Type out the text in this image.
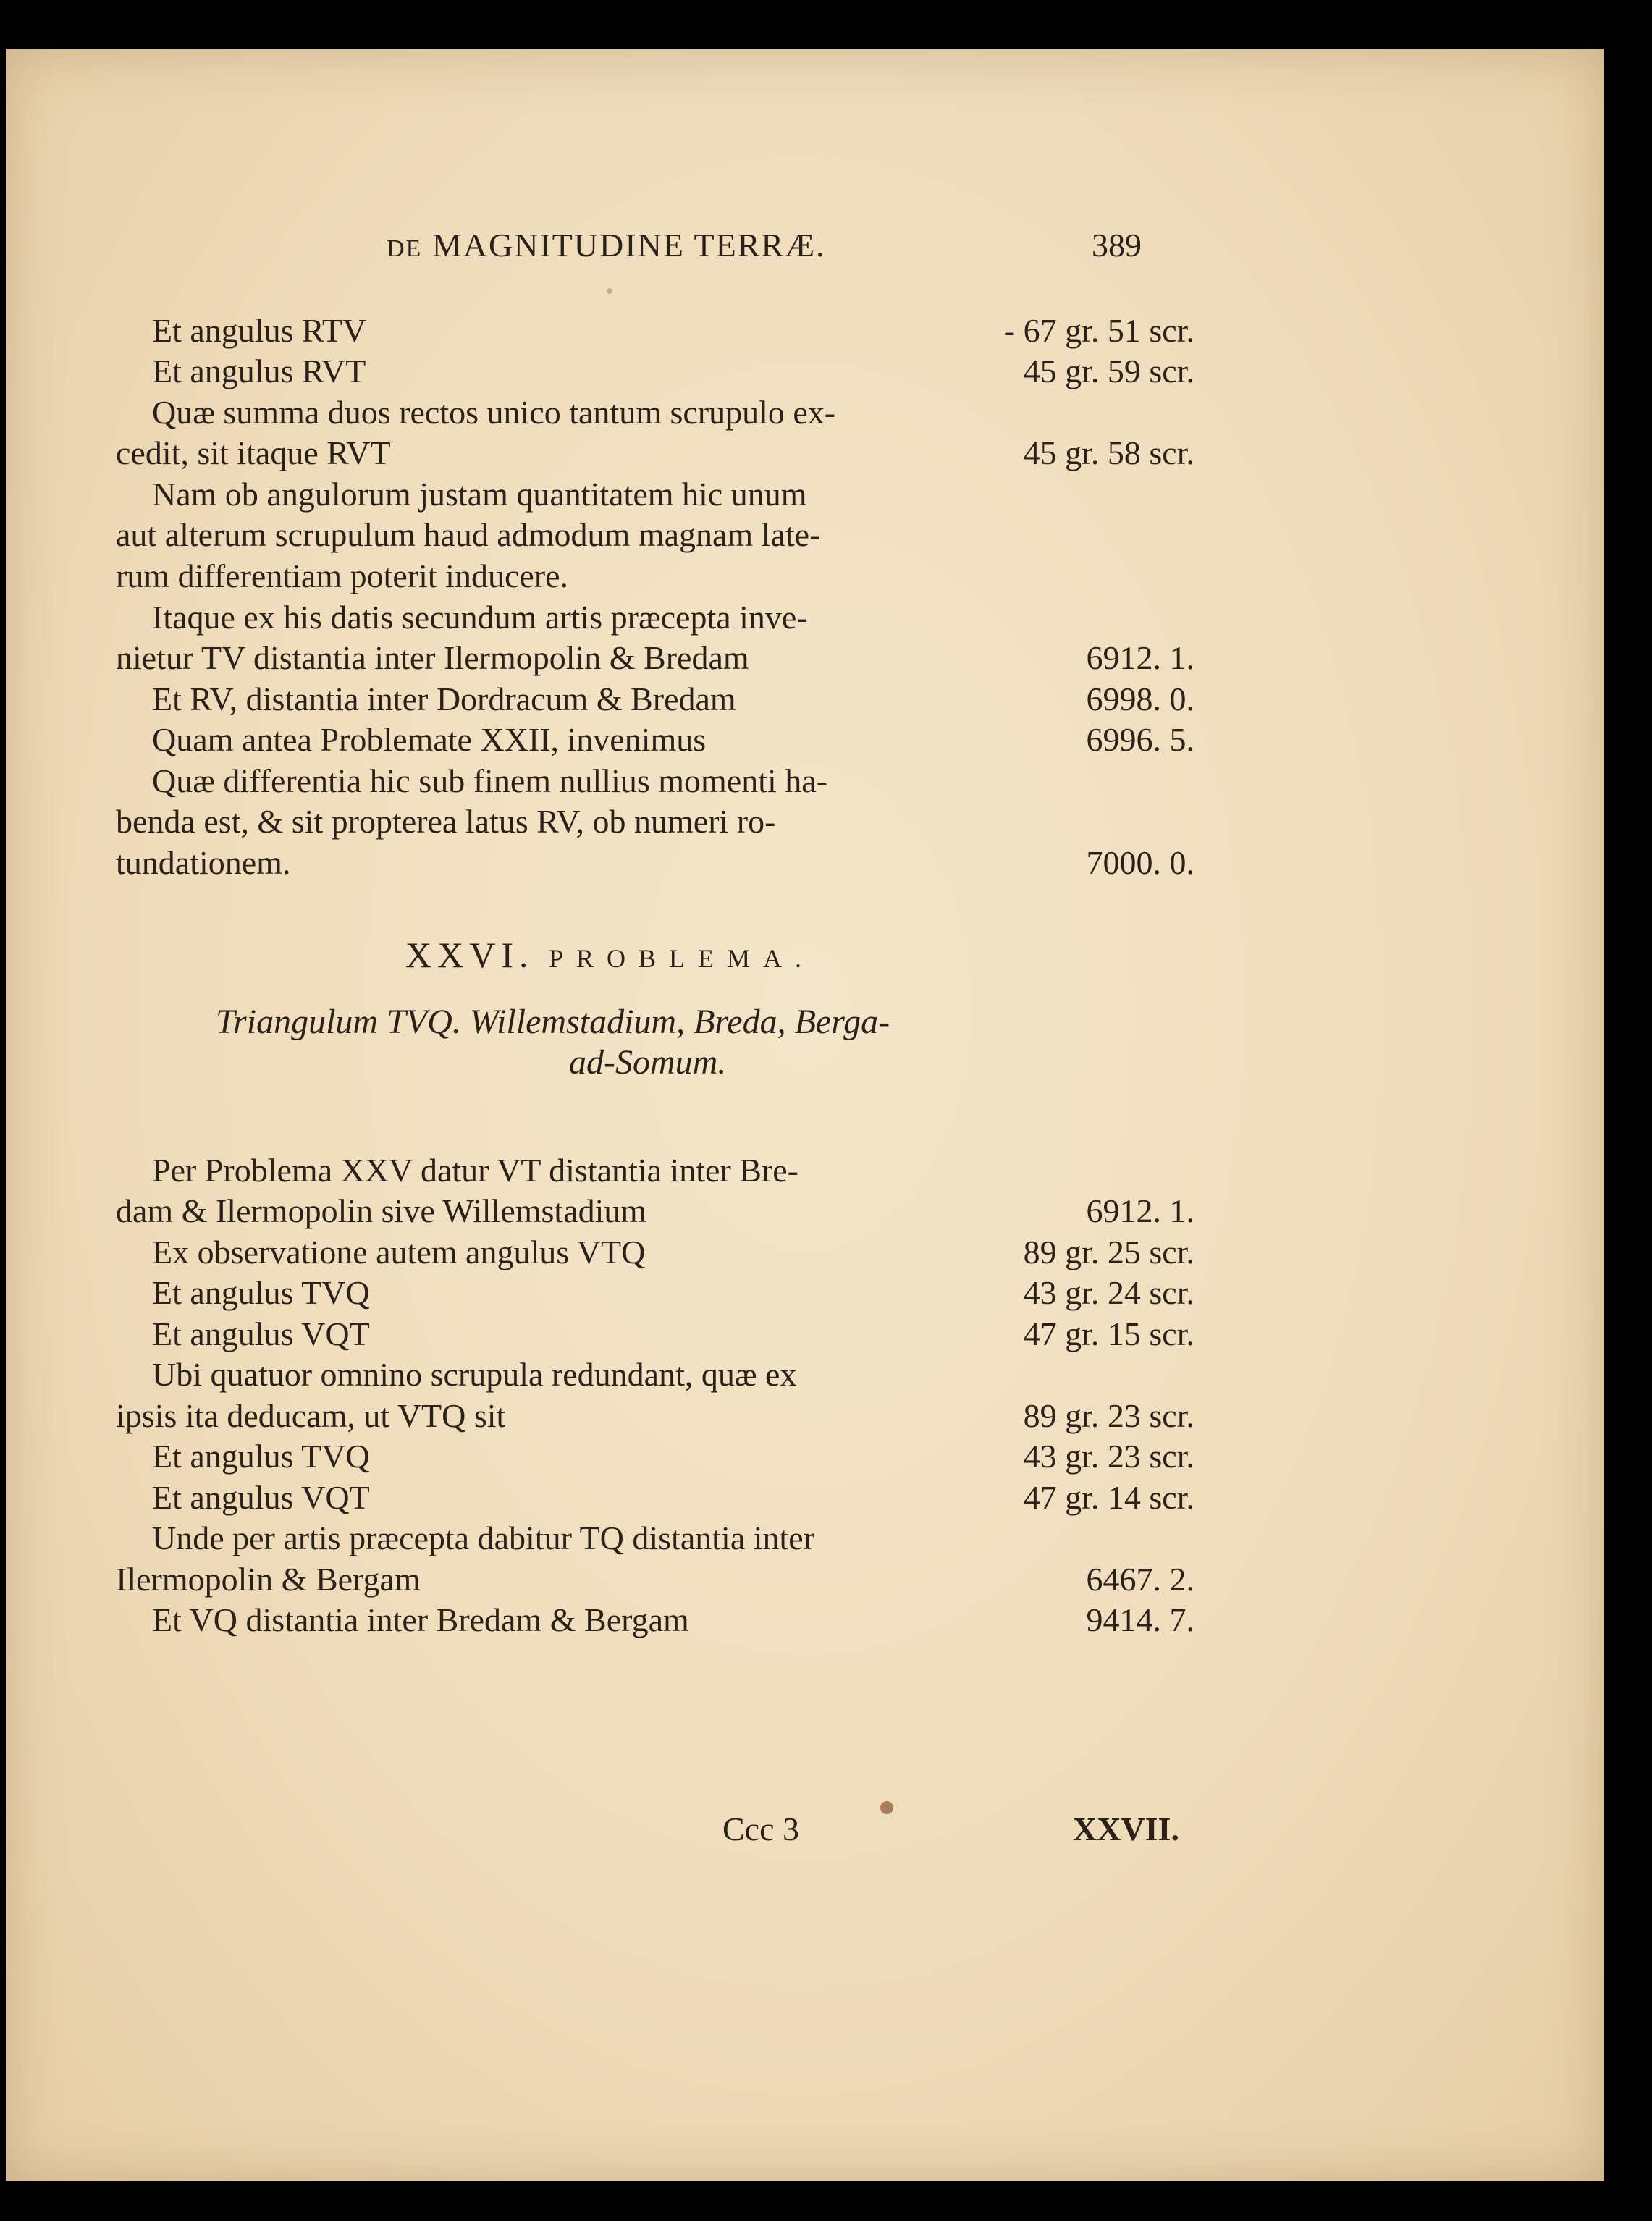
DE MAGNITUDINE TERRÆ.	389
Et angulus RTV	- 67 gr. 51 scr.
Et angulus RVT	45 gr. 59 scr.
Quæ summa duos rectos unico tantum scrupulo ex-
cedit, sit itaque RVT	45 gr. 58 scr.
Nam ob angulorum justam quantitatem hic unum
aut alterum scrupulum haud admodum magnam late-
rum differentiam poterit inducere.
Itaque ex his datis secundum artis præcepta inve-
nietur TV distantia inter Ilermopolin & Bredam	6912. 1.
Et RV, distantia inter Dordracum & Bredam	6998. 0.
Quam antea Problemate XXII, invenimus	6996. 5.
Quæ differentia hic sub finem nullius momenti ha-
benda est, & sit propterea latus RV, ob numeri ro-
tundationem.	7000. 0.
XXVI. PROBLEMA.
Triangulum TVQ. Willemstadium, Breda, Berga-
ad-Somum.
Per Problema XXV datur VT distantia inter Bre-
dam & Ilermopolin sive Willemstadium	6912. 1.
Ex observatione autem angulus VTQ	89 gr. 25 scr.
Et angulus TVQ	43 gr. 24 scr.
Et angulus VQT	47 gr. 15 scr.
Ubi quatuor omnino scrupula redundant, quæ ex
ipsis ita deducam, ut VTQ sit	89 gr. 23 scr.
Et angulus TVQ	43 gr. 23 scr.
Et angulus VQT	47 gr. 14 scr.
Unde per artis præcepta dabitur TQ distantia inter
Ilermopolin & Bergam	6467. 2.
Et VQ distantia inter Bredam & Bergam	9414. 7.
Ccc 3	XXVII.
